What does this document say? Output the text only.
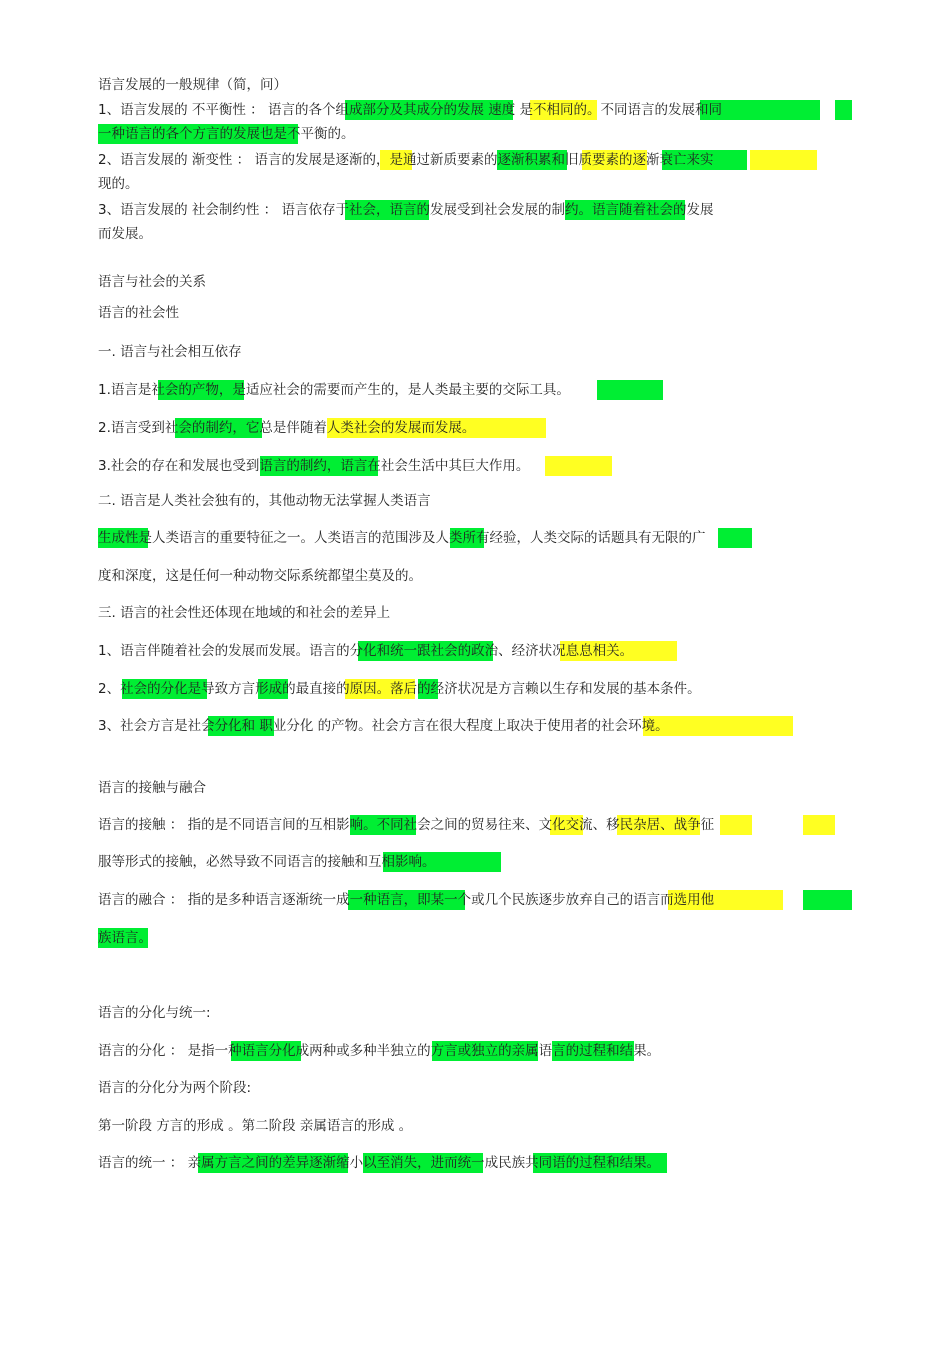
语言发展的一般规律（简，问）

1、语言发展的 不平衡性 ： 语言的各个组成部分及其成分的发展 速度 是不相同的。不同语言的发展和同

一种语言的各个方言的发展也是不平衡的。

2、语言发展的 渐变性 ： 语言的发展是逐渐的，是通过新质要素的逐渐积累和旧质要素的逐渐衰亡来实

现的。

3、语言发展的 社会制约性 ： 语言依存于社会，语言的发展受到社会发展的制约。语言随着社会的发展

而发展。

语言与社会的关系

语言的社会性

一. 语言与社会相互依存

1.语言是社会的产物，是适应社会的需要而产生的，是人类最主要的交际工具。

2.语言受到社会的制约，它总是伴随着人类社会的发展而发展。

3.社会的存在和发展也受到语言的制约，语言在社会生活中其巨大作用。

二. 语言是人类社会独有的，其他动物无法掌握人类语言

生成性是人类语言的重要特征之一。人类语言的范围涉及人类所有经验，人类交际的话题具有无限的广

度和深度，这是任何一种动物交际系统都望尘莫及的。

三. 语言的社会性还体现在地域的和社会的差异上

1、语言伴随着社会的发展而发展。语言的分化和统一跟社会的政治、经济状况息息相关。

2、社会的分化是导致方言形成的最直接的原因。落后的经济状况是方言赖以生存和发展的基本条件。

3、社会方言是社会分化和 职业分化 的产物。社会方言在很大程度上取决于使用者的社会环境。

语言的接触与融合

语言的接触 ： 指的是不同语言间的互相影响。不同社会之间的贸易往来、文化交流、移民杂居、战争征

服等形式的接触，必然导致不同语言的接触和互相影响。

语言的融合 ： 指的是多种语言逐渐统一成一种语言，即某一个或几个民族逐步放弃自己的语言而选用他

族语言。

语言的分化与统一:

语言的分化 ： 是指一种语言分化成两种或多种半独立的方言或独立的亲属语言的过程和结果。

语言的分化分为两个阶段:

第一阶段 方言的形成 。第二阶段 亲属语言的形成 。

语言的统一 ： 亲属方言之间的差异逐渐缩小以至消失，进而统一成民族共同语的过程和结果。
